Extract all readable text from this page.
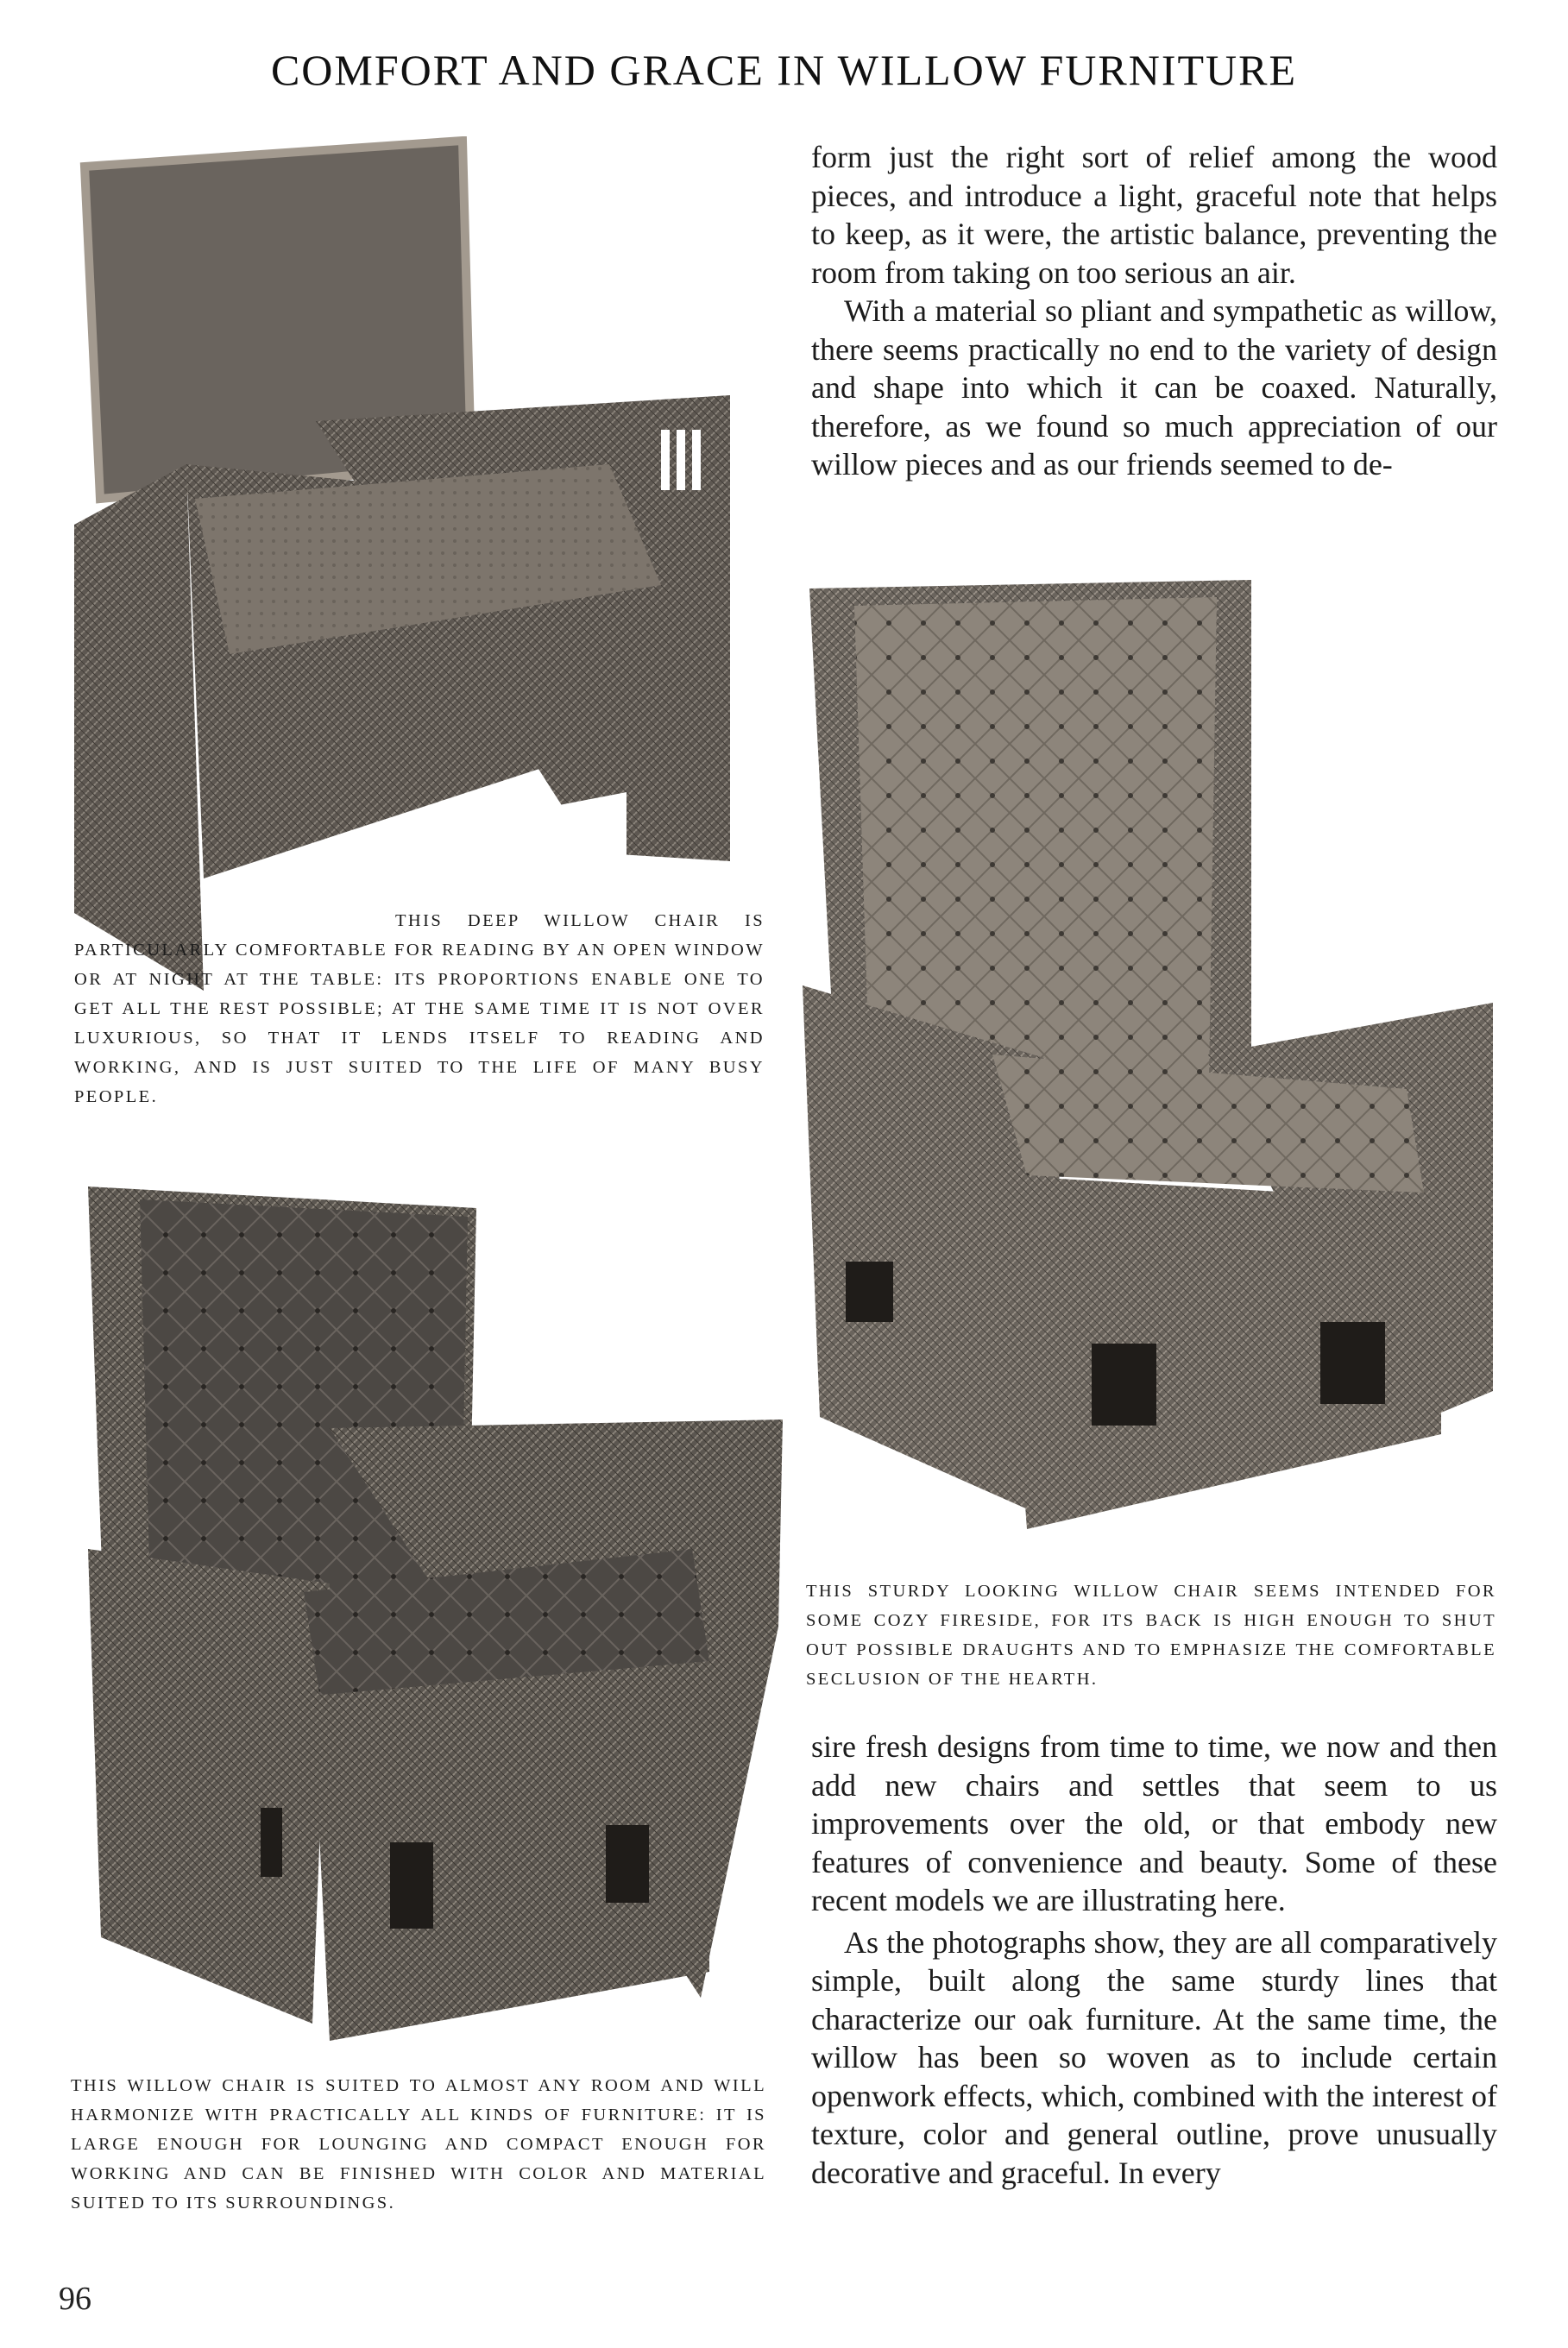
COMFORT AND GRACE IN WILLOW FURNITURE
THIS DEEP WILLOW CHAIR IS PARTICULARLY COMFORTABLE FOR READING BY AN OPEN WINDOW OR AT NIGHT AT THE TABLE: ITS PROPORTIONS ENABLE ONE TO GET ALL THE REST POSSIBLE; AT THE SAME TIME IT IS NOT OVER LUXURIOUS, SO THAT IT LENDS ITSELF TO READING AND WORKING, AND IS JUST SUITED TO THE LIFE OF MANY BUSY PEOPLE.

form just the right sort of relief among the wood pieces, and introduce a light, graceful note that helps to keep, as it were, the artistic balance, preventing the room from taking on too serious an air.

With a material so pliant and sympathetic as willow, there seems practically no end to the variety of design and shape into which it can be coaxed. Naturally, therefore, as we found so much appreciation of our willow pieces and as our friends seemed to de-

THIS STURDY LOOKING WILLOW CHAIR SEEMS INTENDED FOR SOME COZY FIRESIDE, FOR ITS BACK IS HIGH ENOUGH TO SHUT OUT POSSIBLE DRAUGHTS AND TO EMPHASIZE THE COMFORTABLE SECLUSION OF THE HEARTH.

sire fresh designs from time to time, we now and then add new chairs and settles that seem to us improvements over the old, or that embody new features of convenience and beauty. Some of these recent models we are illustrating here.

As the photographs show, they are all comparatively simple, built along the same sturdy lines that characterize our oak furniture. At the same time, the willow has been so woven as to include certain openwork effects, which, combined with the interest of texture, color and general outline, prove unusually decorative and graceful. In every

THIS WILLOW CHAIR IS SUITED TO ALMOST ANY ROOM AND WILL HARMONIZE WITH PRACTICALLY ALL KINDS OF FURNITURE: IT IS LARGE ENOUGH FOR LOUNGING AND COMPACT ENOUGH FOR WORKING AND CAN BE FINISHED WITH COLOR AND MATERIAL SUITED TO ITS SURROUNDINGS.
96
